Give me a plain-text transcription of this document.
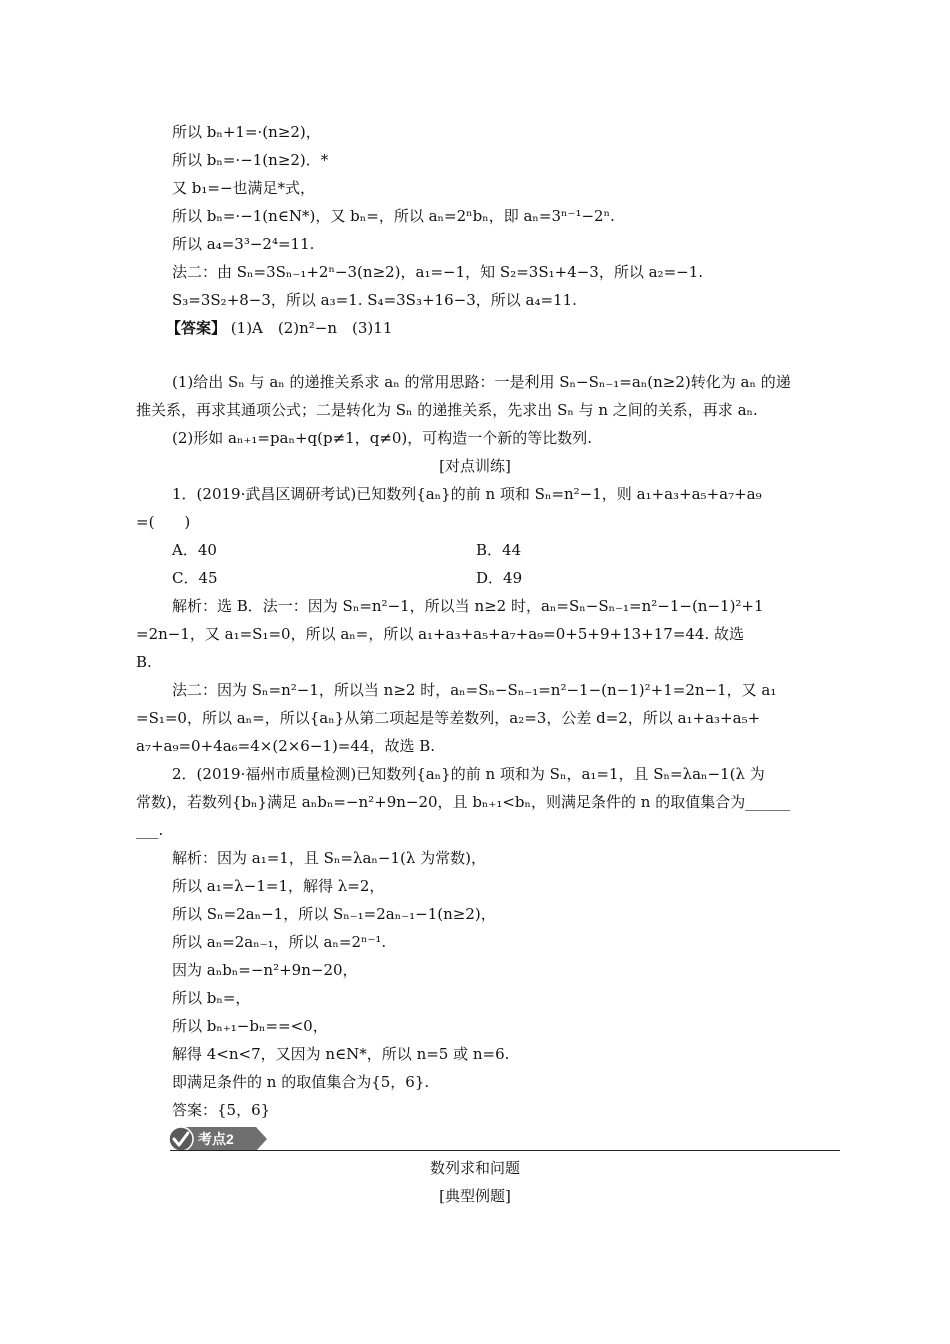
所以 bₙ+1=·(n≥2)，
所以 bₙ=·−1(n≥2)．*
又 b₁=−也满足*式，
所以 bₙ=·−1(n∈N*)，又 bₙ=，所以 aₙ=2ⁿbₙ，即 aₙ=3ⁿ⁻¹−2ⁿ.
所以 a₄=3³−2⁴=11.
法二：由 Sₙ=3Sₙ₋₁+2ⁿ−3(n≥2)，a₁=−1，知 S₂=3S₁+4−3，所以 a₂=−1.
S₃=3S₂+8−3，所以 a₃=1. S₄=3S₃+16−3，所以 a₄=11.
【答案】 (1)A　(2)n²−n　(3)11
(1)给出 Sₙ 与 aₙ 的递推关系求 aₙ 的常用思路：一是利用 Sₙ−Sₙ₋₁=aₙ(n≥2)转化为 aₙ 的递
推关系，再求其通项公式；二是转化为 Sₙ 的递推关系，先求出 Sₙ 与 n 之间的关系，再求 aₙ.
(2)形如 aₙ₊₁=paₙ+q(p≠1，q≠0)，可构造一个新的等比数列.
[对点训练]
1．(2019·武昌区调研考试)已知数列{aₙ}的前 n 项和 Sₙ=n²−1，则 a₁+a₃+a₅+a₇+a₉
=(　　)
A．40	B．44
C．45	D．49
解析：选 B．法一：因为 Sₙ=n²−1，所以当 n≥2 时，aₙ=Sₙ−Sₙ₋₁=n²−1−(n−1)²+1
=2n−1，又 a₁=S₁=0，所以 aₙ=，所以 a₁+a₃+a₅+a₇+a₉=0+5+9+13+17=44. 故选
B.
法二：因为 Sₙ=n²−1，所以当 n≥2 时，aₙ=Sₙ−Sₙ₋₁=n²−1−(n−1)²+1=2n−1，又 a₁
=S₁=0，所以 aₙ=，所以{aₙ}从第二项起是等差数列，a₂=3，公差 d=2，所以 a₁+a₃+a₅+
a₇+a₉=0+4a₆=4×(2×6−1)=44，故选 B.
2．(2019·福州市质量检测)已知数列{aₙ}的前 n 项和为 Sₙ，a₁=1，且 Sₙ=λaₙ−1(λ 为
常数)，若数列{bₙ}满足 aₙbₙ=−n²+9n−20，且 bₙ₊₁<bₙ，则满足条件的 n 的取值集合为______
___.
解析：因为 a₁=1，且 Sₙ=λaₙ−1(λ 为常数)，
所以 a₁=λ−1=1，解得 λ=2，
所以 Sₙ=2aₙ−1，所以 Sₙ₋₁=2aₙ₋₁−1(n≥2)，
所以 aₙ=2aₙ₋₁，所以 aₙ=2ⁿ⁻¹.
因为 aₙbₙ=−n²+9n−20，
所以 bₙ=，
所以 bₙ₊₁−bₙ==<0，
解得 4<n<7，又因为 n∈N*，所以 n=5 或 n=6.
即满足条件的 n 的取值集合为{5，6}.
答案：{5，6}
考点2
数列求和问题
[典型例题]
